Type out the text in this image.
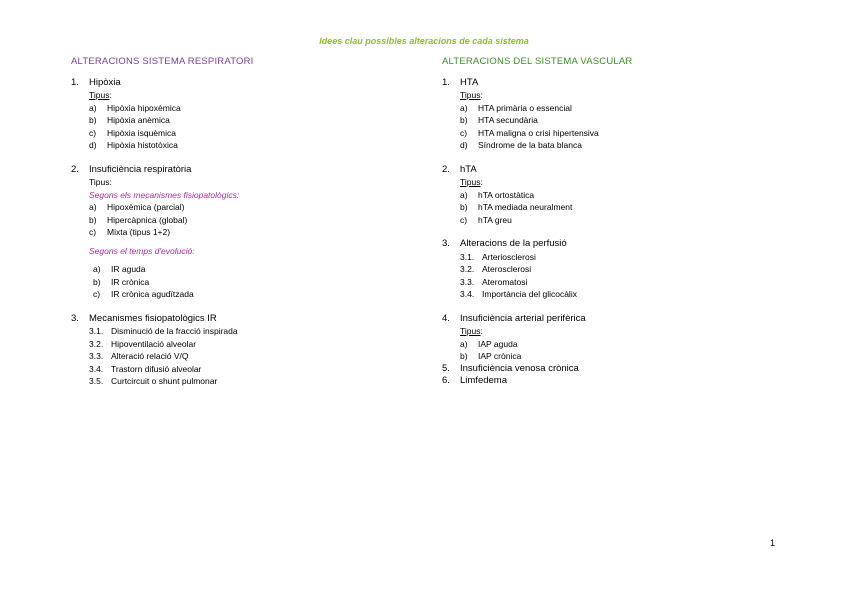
Idees clau possibles alteracions de cada sistema
ALTERACIONS SISTEMA RESPIRATORI
1.	Hipòxia
Tipus:
a)	Hipòxia hipoxèmica
b)	Hipòxia anèmica
c)	Hipòxia isquèmica
d)	Hipòxia histotòxica
2.	Insuficiència respiratòria
Tipus:
Segons els mecanismes fisiopatològics:
a)	Hipoxèmica (parcial)
b)	Hipercàpnica (global)
c)	Mixta (tipus 1+2)
Segons el temps d'evolució:
a)	IR aguda
b)	IR crònica
c)	IR crònica agudïtzada
3.	Mecanismes fisiopatològics IR
3.1. Disminució de la fracció inspirada
3.2. Hipoventilació alveolar
3.3. Alteració relació V/Q
3.4. Trastorn difusió alveolar
3.5. Curtcircuit o shunt pulmonar
ALTERACIONS DEL SISTEMA VASCULAR
1.	HTA
Tipus:
a)	HTA primària o essencial
b)	HTA secundària
c)	HTA maligna o crisi hipertensiva
d)	Síndrome de la bata blanca
2.	hTA
Tipus:
a)	hTA ortostàtica
b)	hTA mediada neuralment
c)	hTA greu
3.	Alteracions de la perfusió
3.1. Arteriosclerosi
3.2. Aterosclerosi
3.3. Ateromatosi
3.4. Importància del glicocàlix
4.	Insuficiència arterial perifèrica
Tipus:
a)	IAP aguda
b)	IAP crònica
5.	Insuficiència venosa crònica
6.	Limfedema
1
